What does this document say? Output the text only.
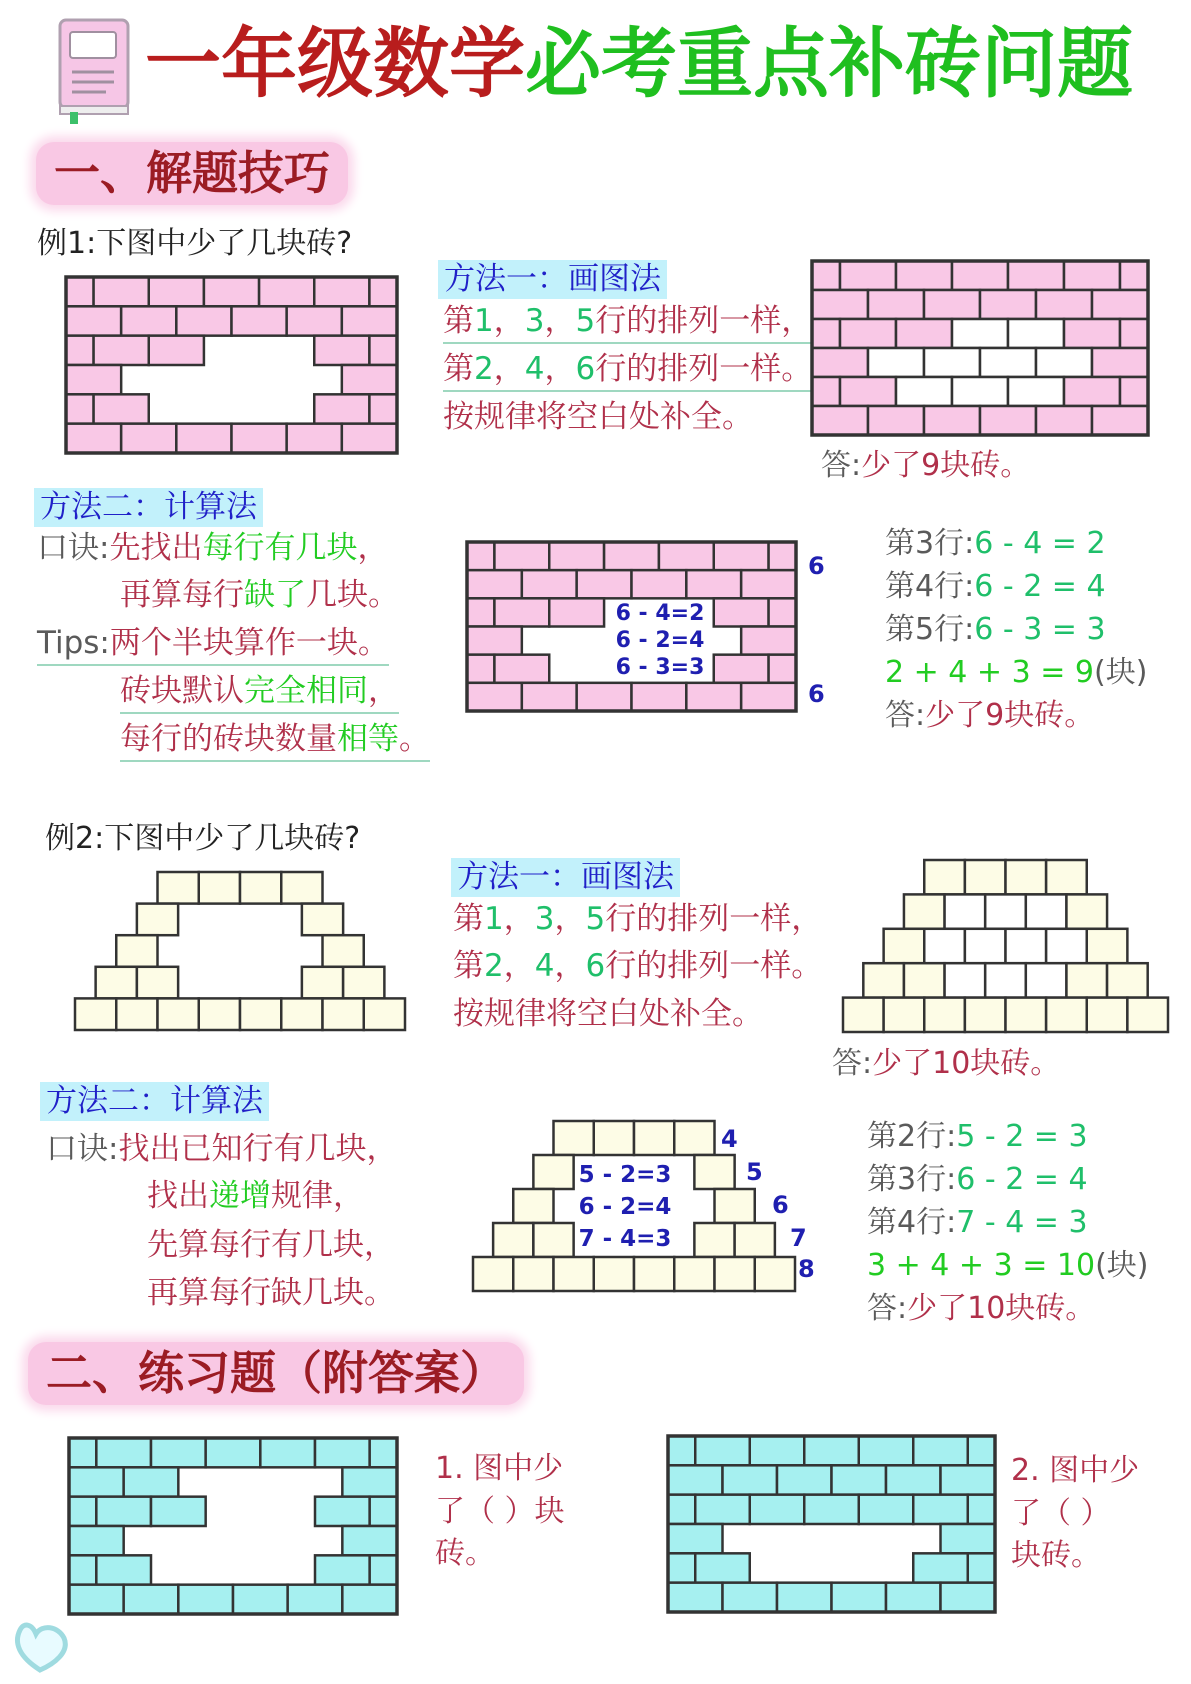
一年级数学必考重点补砖问题
一、解题技巧
例1:下图中少了几块砖?
方法一：画图法
第1，3，5行的排列一样，
第2，4，6行的排列一样。
按规律将空白处补全。
答:少了9块砖。
方法二：计算法
口诀:先找出每行有几块，
再算每行缺了几块。
Tips:两个半块算作一块。
砖块默认完全相同，
每行的砖块数量相等。
6 - 4=2
6 - 2=4
6 - 3=3
6
6
第3行:6 - 4 = 2
第4行:6 - 2 = 4
第5行:6 - 3 = 3
2 + 4 + 3 = 9(块)
答:少了9块砖。
例2:下图中少了几块砖?
方法一：画图法
第1，3，5行的排列一样，
第2，4，6行的排列一样。
按规律将空白处补全。
答:少了10块砖。
方法二：计算法
口诀:找出已知行有几块，
找出递增规律，
先算每行有几块，
再算每行缺几块。
5 - 2=3
6 - 2=4
7 - 4=3
4
5
6
7
8
第2行:5 - 2 = 3
第3行:6 - 2 = 4
第4行:7 - 4 = 3
3 + 4 + 3 = 10(块)
答:少了10块砖。
二、练习题（附答案）
1. 图中少
了（ ）块
砖。
2. 图中少
了（ ）
块砖。
